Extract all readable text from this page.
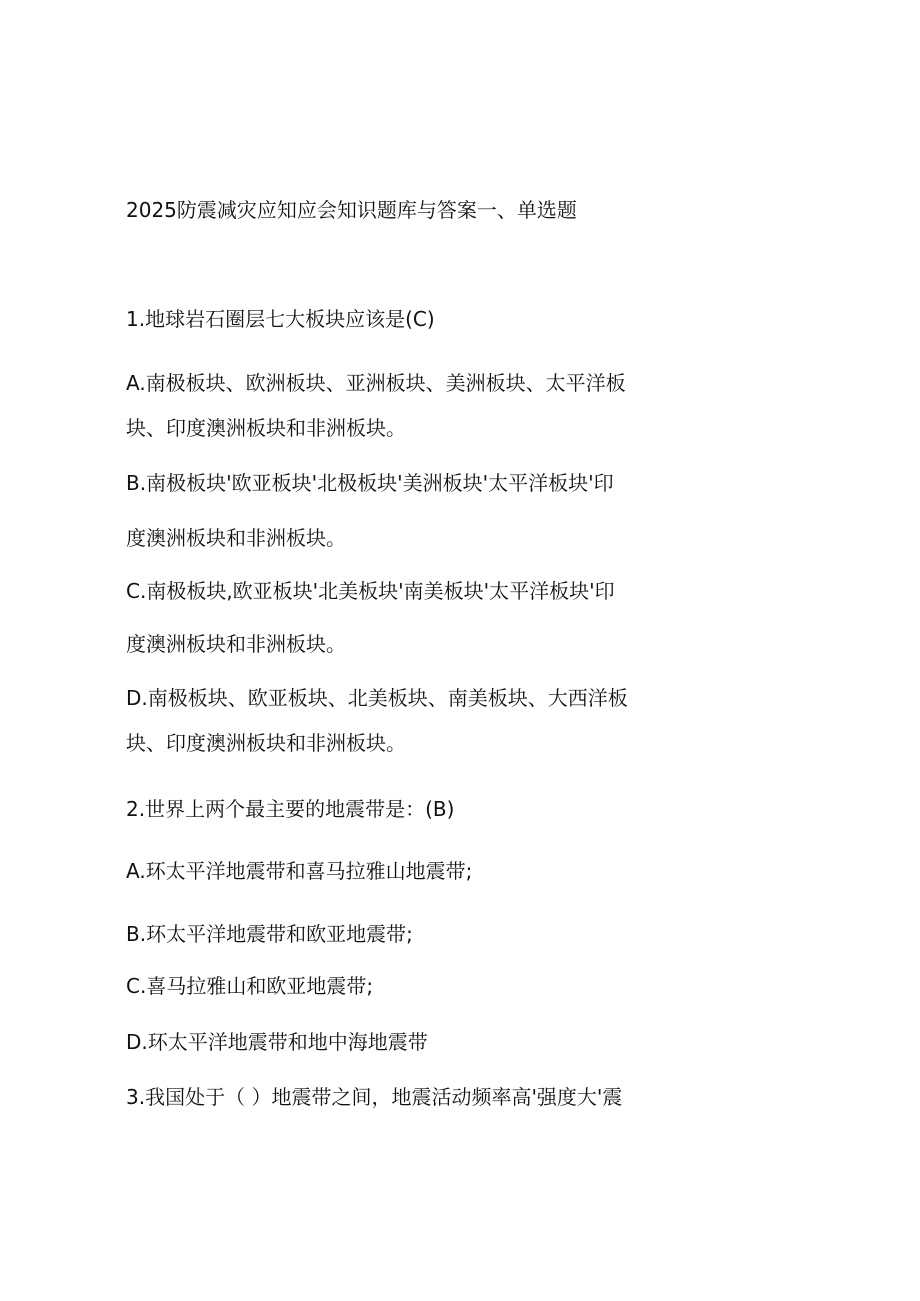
2025防震减灾应知应会知识题库与答案一、单选题
1.地球岩石圈层七大板块应该是(C)
A.南极板块、欧洲板块、亚洲板块、美洲板块、太平洋板
块、印度澳洲板块和非洲板块。
B.南极板块'欧亚板块'北极板块'美洲板块'太平洋板块'印
度澳洲板块和非洲板块。
C.南极板块,欧亚板块'北美板块'南美板块'太平洋板块'印
度澳洲板块和非洲板块。
D.南极板块、欧亚板块、北美板块、南美板块、大西洋板
块、印度澳洲板块和非洲板块。
2.世界上两个最主要的地震带是：(B)
A.环太平洋地震带和喜马拉雅山地震带;
B.环太平洋地震带和欧亚地震带;
C.喜马拉雅山和欧亚地震带;
D.环太平洋地震带和地中海地震带
3.我国处于（ ）地震带之间，地震活动频率高'强度大'震
